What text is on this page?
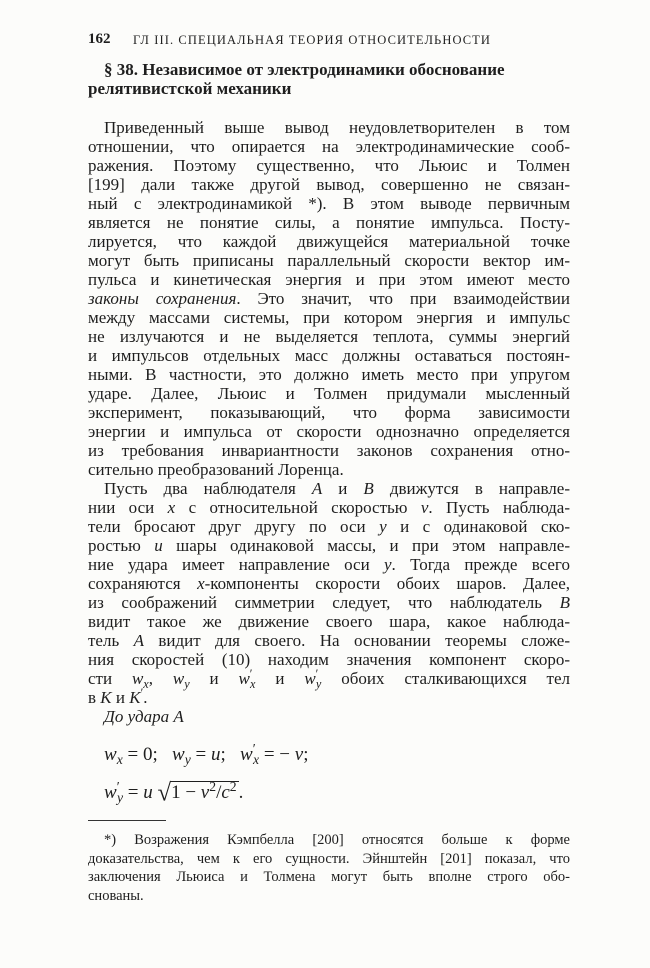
162 ГЛ III. СПЕЦИАЛЬНАЯ ТЕОРИЯ ОТНОСИТЕЛЬНОСТИ
§ 38. Независимое от электродинамики обоснование
релятивистской механики
Приведенный выше вывод неудовлетворителен в том
отношении, что опирается на электродинамические сооб-
ражения. Поэтому существенно, что Льюис и Толмен
[199] дали также другой вывод, совершенно не связан-
ный с электродинамикой *). В этом выводе первичным
является не понятие силы, а понятие импульса. Посту-
лируется, что каждой движущейся материальной точке
могут быть приписаны параллельный скорости вектор им-
пульса и кинетическая энергия и при этом имеют место
законы сохранения. Это значит, что при взаимодействии
между массами системы, при котором энергия и импульс
не излучаются и не выделяется теплота, суммы энергий
и импульсов отдельных масс должны оставаться постоян-
ными. В частности, это должно иметь место при упругом
ударе. Далее, Льюис и Толмен придумали мысленный
эксперимент, показывающий, что форма зависимости
энергии и импульса от скорости однозначно определяется
из требования инвариантности законов сохранения отно-
сительно преобразований Лоренца.
Пусть два наблюдателя A и B движутся в направле-
нии оси x с относительной скоростью v. Пусть наблюда-
тели бросают друг другу по оси y и с одинаковой ско-
ростью u шары одинаковой массы, и при этом направле-
ние удара имеет направление оси y. Тогда прежде всего
сохраняются x-компоненты скорости обоих шаров. Далее,
из соображений симметрии следует, что наблюдатель B
видит такое же движение своего шара, какое наблюда-
тель A видит для своего. На основании теоремы сложе-
ния скоростей (10) находим значения компонент скоро-
сти $w_x$, $w_y$ и $w'_x$ и $w'_y$ обоих сталкивающихся тел
в K и K′.
До удара A
$w_x = 0$;   $w_y = u$;   $w'_x$ = − v;
$w'_y = u$ $√1 - v^2/c^2$ .
*) Возражения Кэмпбелла [200] относятся больше к форме
доказательства, чем к его сущности. Эйнштейн [201] показал, что
заключения Льюиса и Толмена могут быть вполне строго обо-
снованы.
